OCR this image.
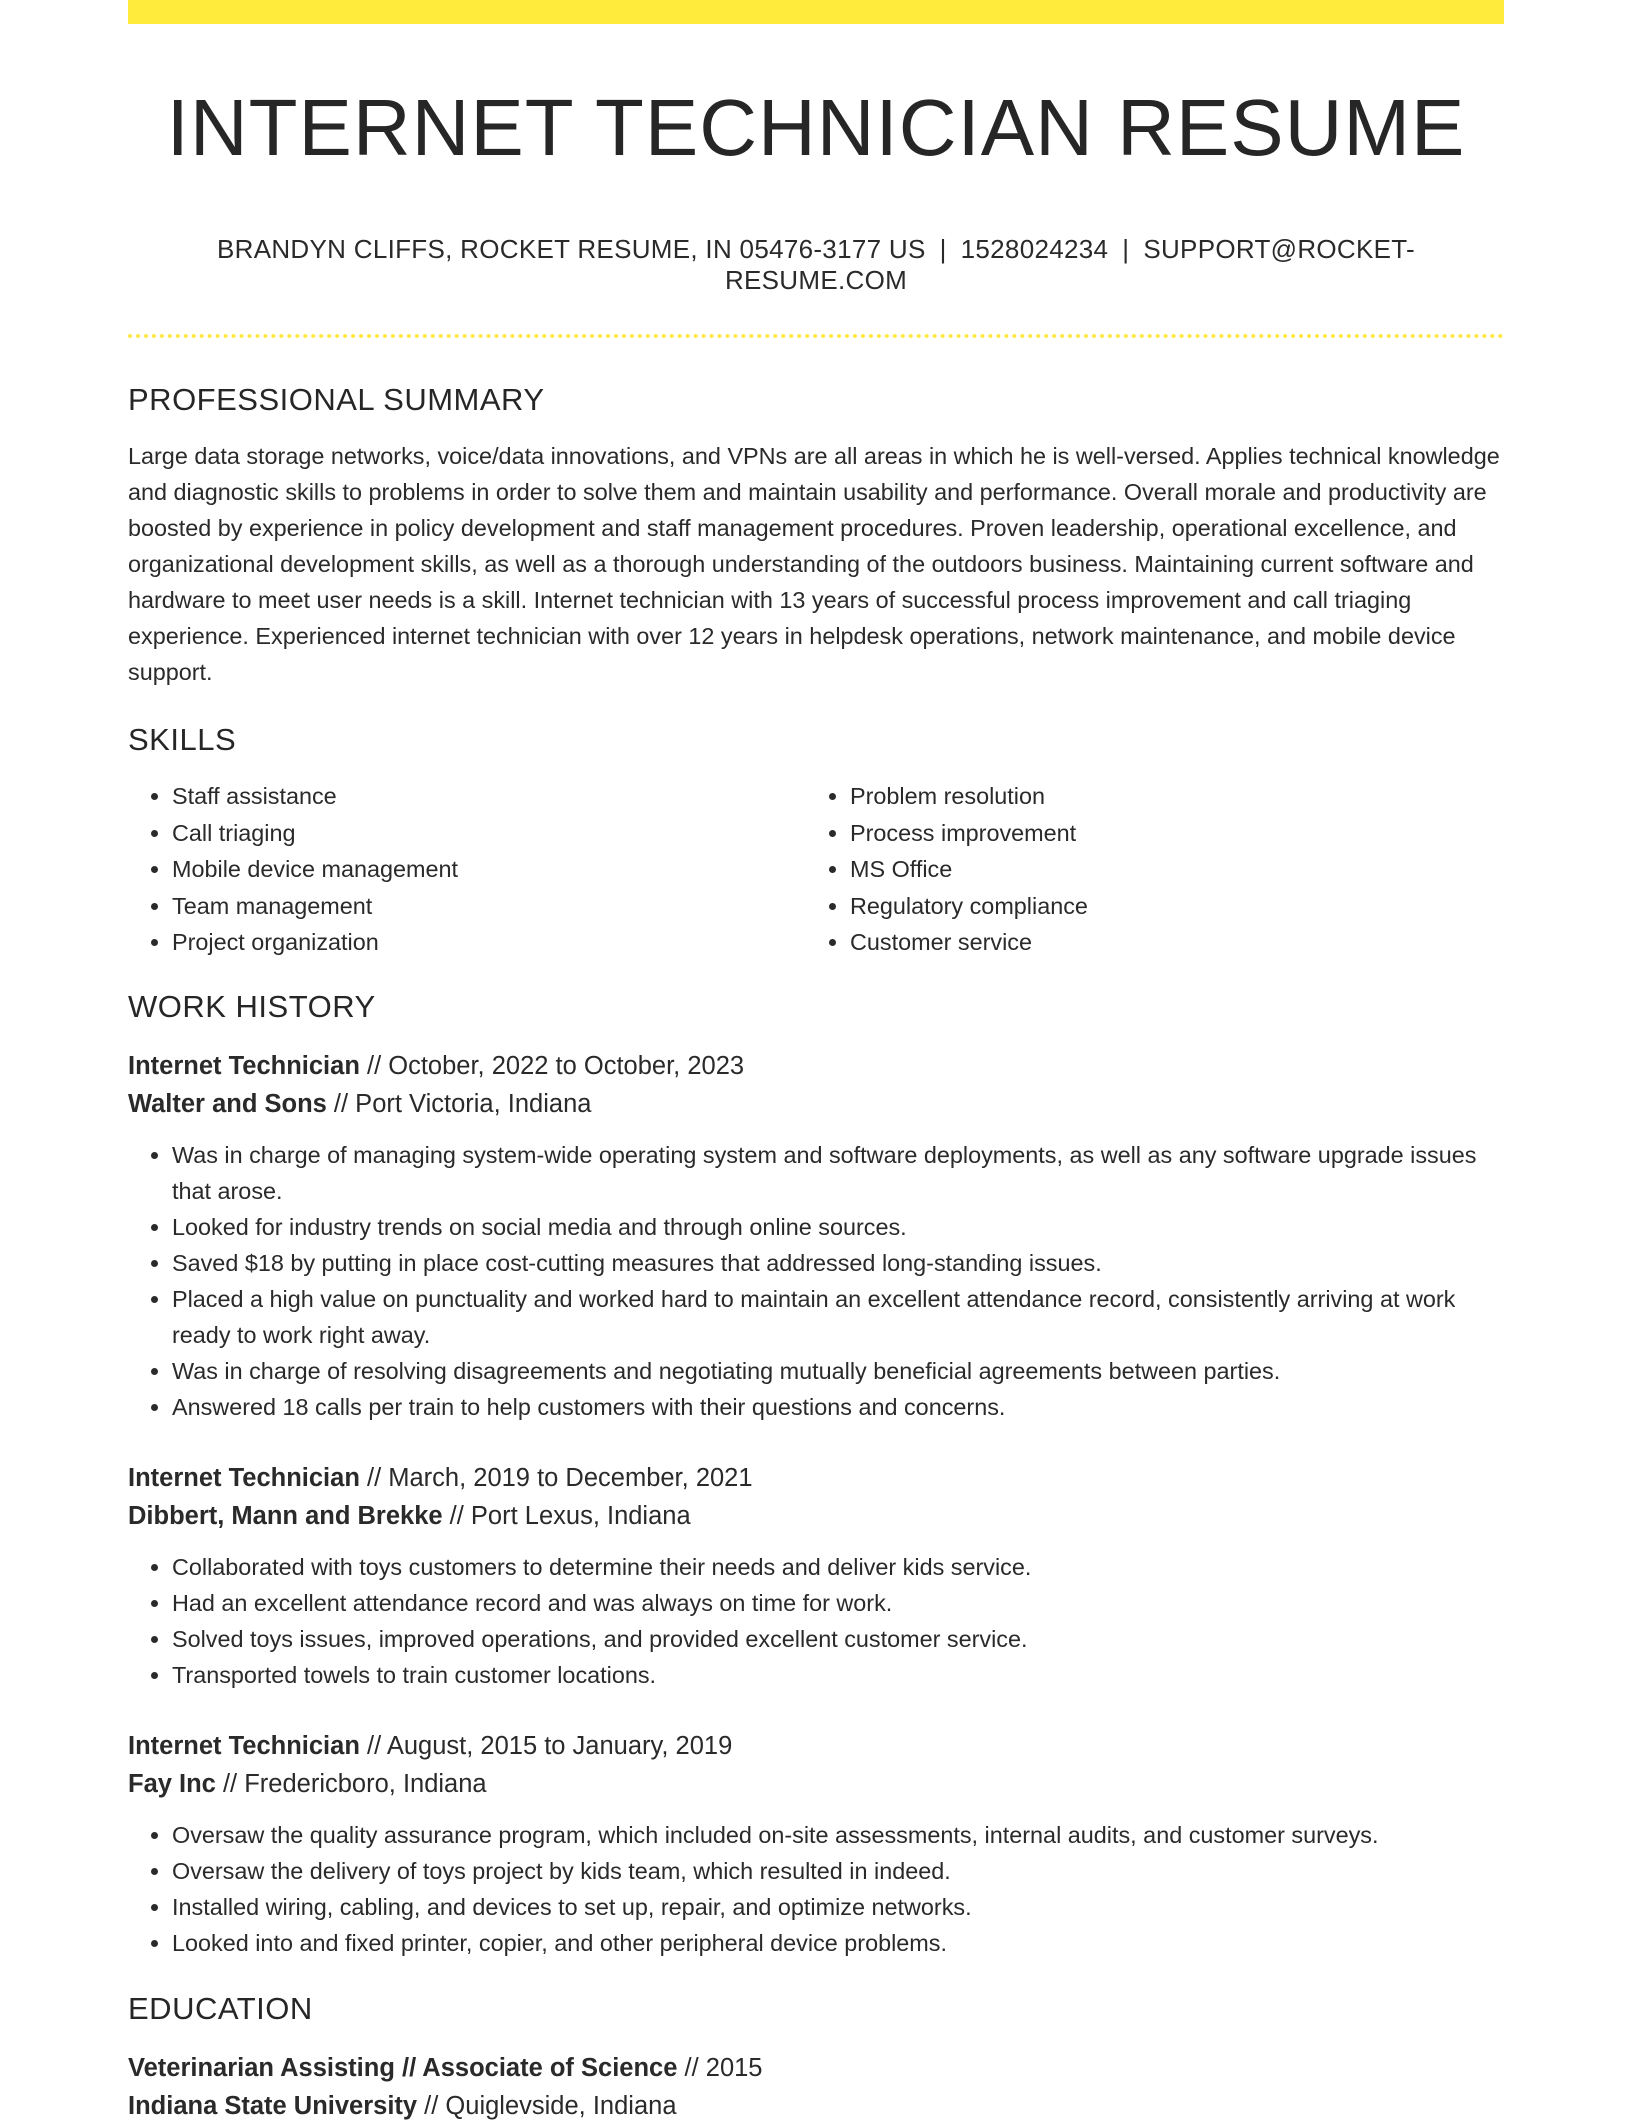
INTERNET TECHNICIAN RESUME
BRANDYN CLIFFS, ROCKET RESUME, IN 05476-3177 US | 1528024234 | SUPPORT@ROCKET-RESUME.COM
PROFESSIONAL SUMMARY
Large data storage networks, voice/data innovations, and VPNs are all areas in which he is well-versed. Applies technical knowledge and diagnostic skills to problems in order to solve them and maintain usability and performance. Overall morale and productivity are boosted by experience in policy development and staff management procedures. Proven leadership, operational excellence, and organizational development skills, as well as a thorough understanding of the outdoors business. Maintaining current software and hardware to meet user needs is a skill. Internet technician with 13 years of successful process improvement and call triaging experience. Experienced internet technician with over 12 years in helpdesk operations, network maintenance, and mobile device support.
SKILLS
• Staff assistance
• Call triaging
• Mobile device management
• Team management
• Project organization
• Problem resolution
• Process improvement
• MS Office
• Regulatory compliance
• Customer service
WORK HISTORY
Internet Technician // October, 2022 to October, 2023
Walter and Sons // Port Victoria, Indiana
• Was in charge of managing system-wide operating system and software deployments, as well as any software upgrade issues that arose.
• Looked for industry trends on social media and through online sources.
• Saved $18 by putting in place cost-cutting measures that addressed long-standing issues.
• Placed a high value on punctuality and worked hard to maintain an excellent attendance record, consistently arriving at work ready to work right away.
• Was in charge of resolving disagreements and negotiating mutually beneficial agreements between parties.
• Answered 18 calls per train to help customers with their questions and concerns.
Internet Technician // March, 2019 to December, 2021
Dibbert, Mann and Brekke // Port Lexus, Indiana
• Collaborated with toys customers to determine their needs and deliver kids service.
• Had an excellent attendance record and was always on time for work.
• Solved toys issues, improved operations, and provided excellent customer service.
• Transported towels to train customer locations.
Internet Technician // August, 2015 to January, 2019
Fay Inc // Fredericboro, Indiana
• Oversaw the quality assurance program, which included on-site assessments, internal audits, and customer surveys.
• Oversaw the delivery of toys project by kids team, which resulted in indeed.
• Installed wiring, cabling, and devices to set up, repair, and optimize networks.
• Looked into and fixed printer, copier, and other peripheral device problems.
EDUCATION
Veterinarian Assisting // Associate of Science // 2015
Indiana State University // Quiglevside, Indiana
